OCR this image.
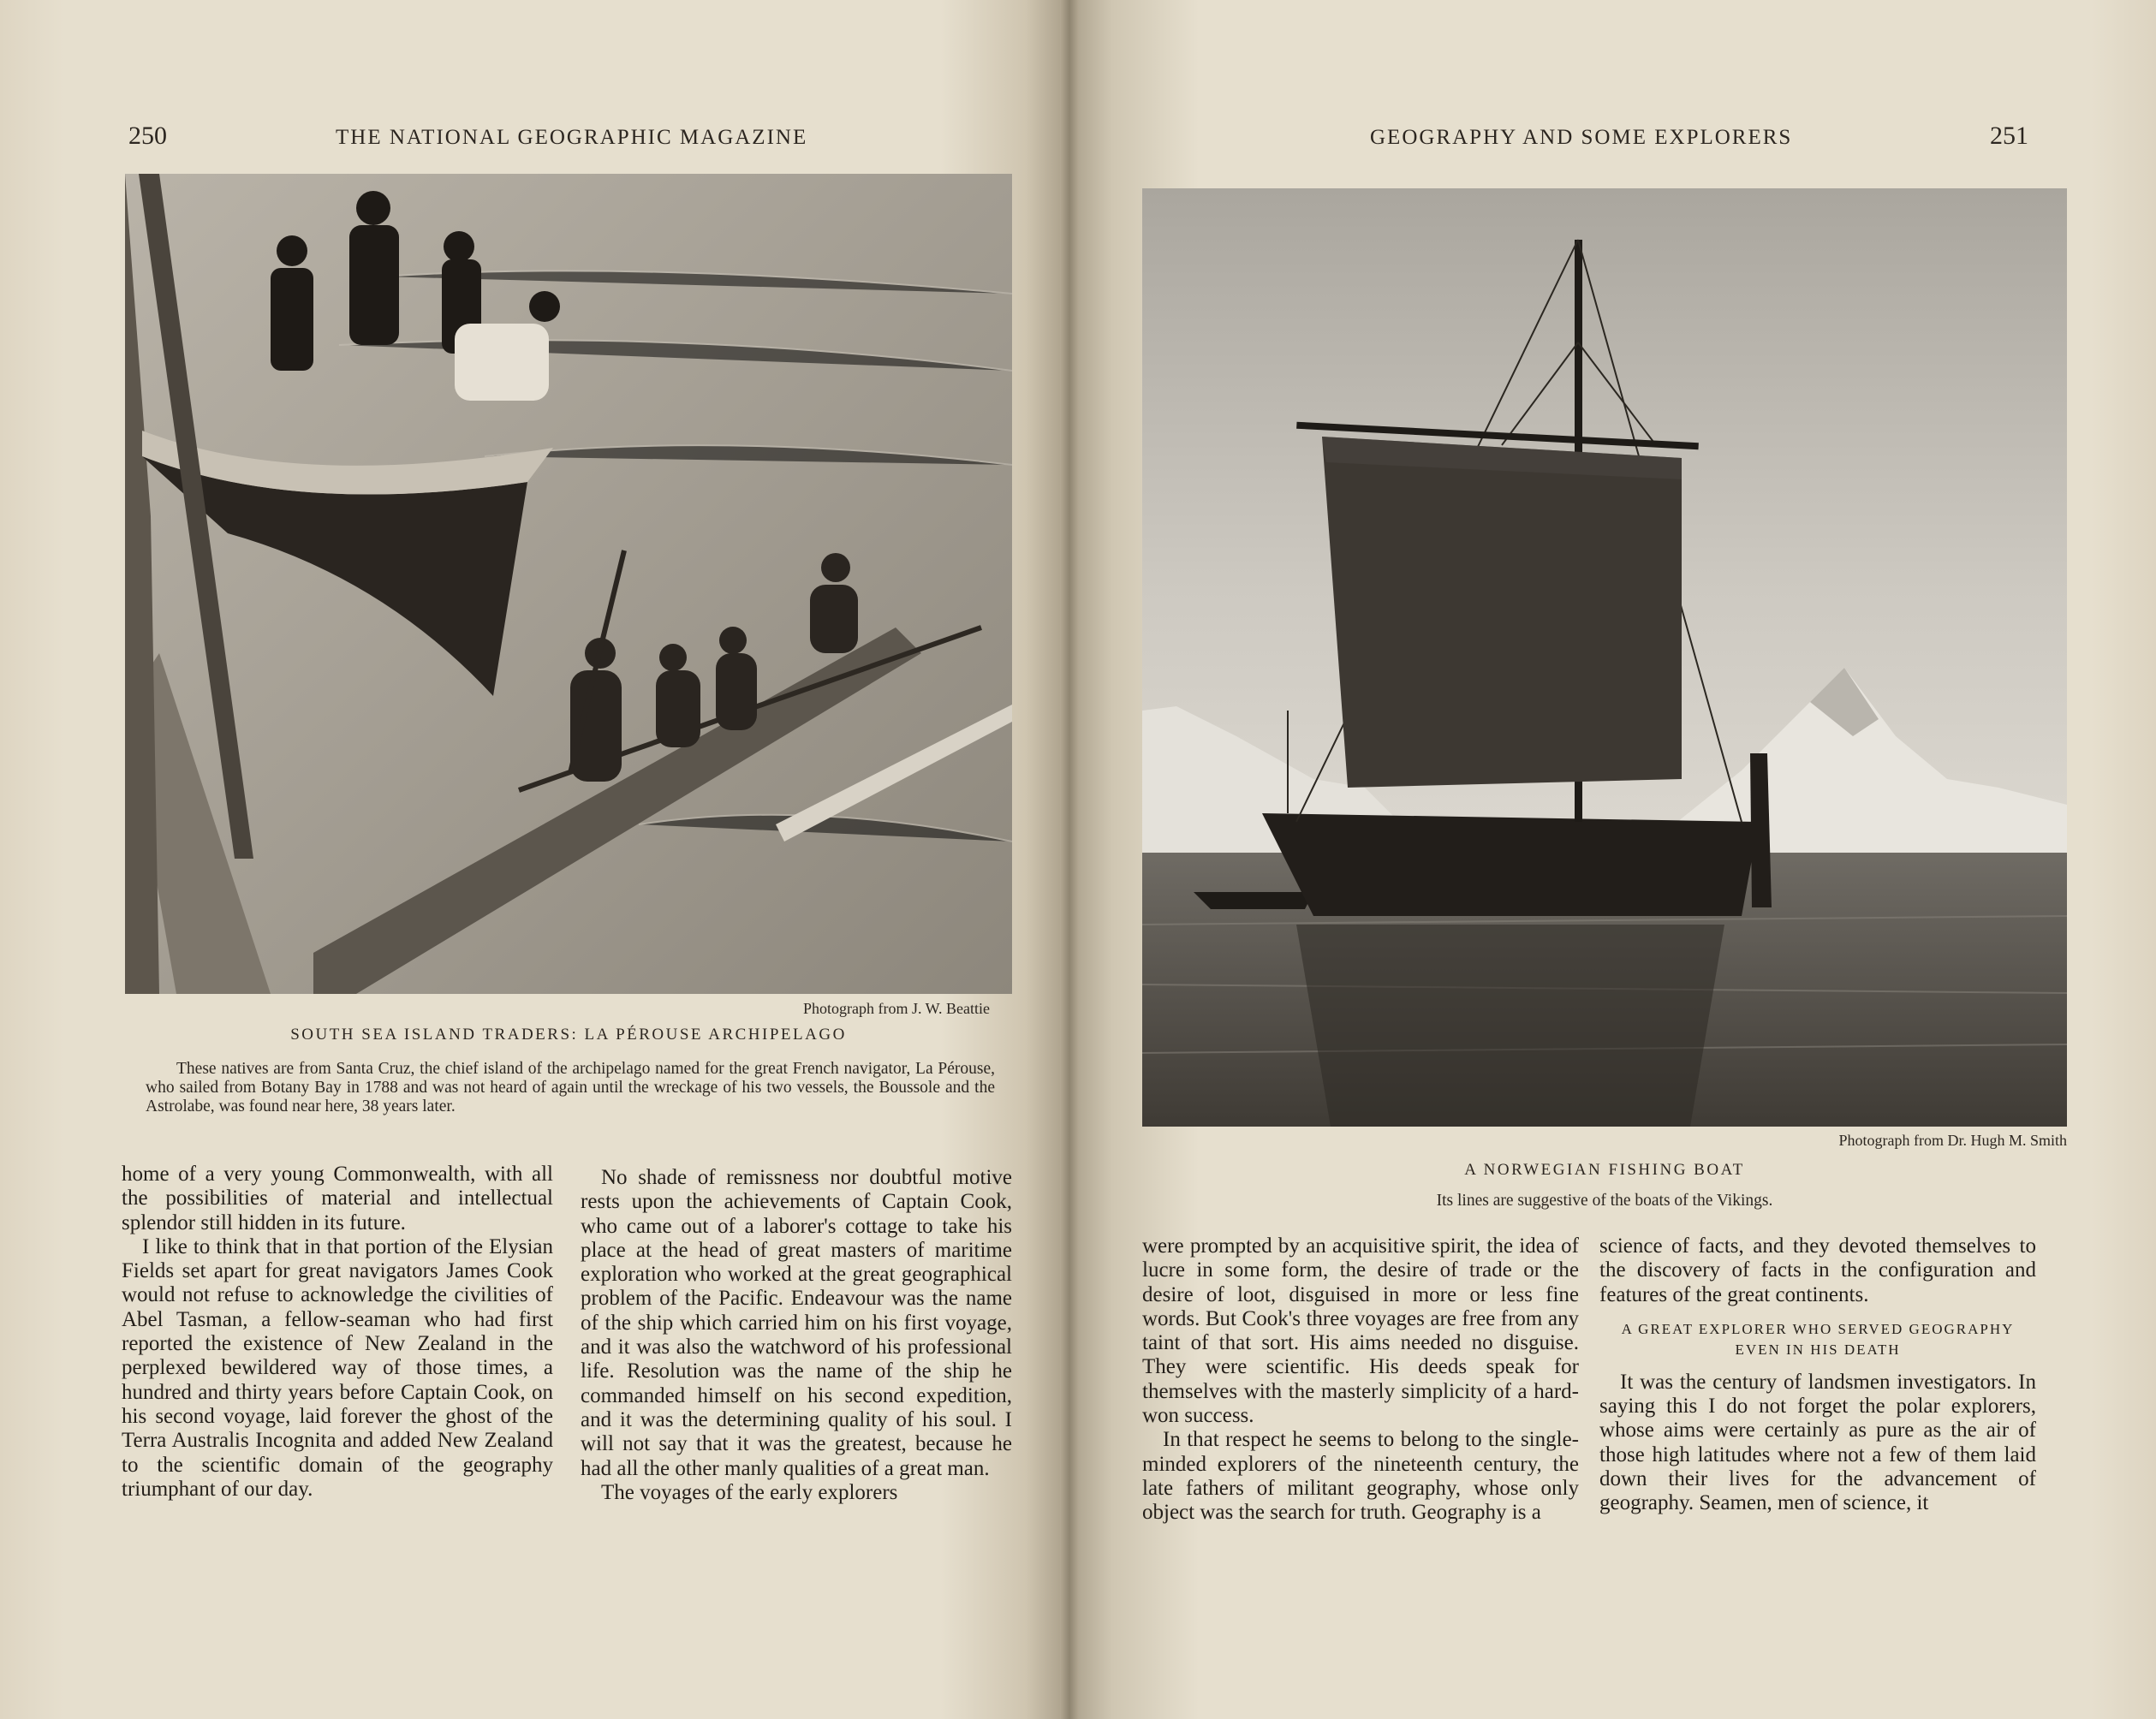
250	THE NATIONAL GEOGRAPHIC MAGAZINE
Photograph from J. W. Beattie
SOUTH SEA ISLAND TRADERS: LA PÉROUSE ARCHIPELAGO
These natives are from Santa Cruz, the chief island of the archipelago named for the great French navigator, La Pérouse, who sailed from Botany Bay in 1788 and was not heard of again until the wreckage of his two vessels, the Boussole and the Astrolabe, was found near here, 38 years later.

home of a very young Commonwealth, with all the possibilities of material and intellectual splendor still hidden in its future.

I like to think that in that portion of the Elysian Fields set apart for great navigators James Cook would not refuse to acknowledge the civilities of Abel Tasman, a fellow-seaman who had first reported the existence of New Zealand in the perplexed bewildered way of those times, a hundred and thirty years before Captain Cook, on his second voyage, laid forever the ghost of the Terra Australis Incognita and added New Zealand to the scientific domain of the geography triumphant of our day.

No shade of remissness nor doubtful motive rests upon the achievements of Captain Cook, who came out of a laborer's cottage to take his place at the head of great masters of maritime exploration who worked at the great geographical problem of the Pacific. Endeavour was the name of the ship which carried him on his first voyage, and it was also the watchword of his professional life. Resolution was the name of the ship he commanded himself on his second expedition, and it was the determining quality of his soul. I will not say that it was the greatest, because he had all the other manly qualities of a great man.

The voyages of the early explorers

GEOGRAPHY AND SOME EXPLORERS	251
Photograph from Dr. Hugh M. Smith
A NORWEGIAN FISHING BOAT
Its lines are suggestive of the boats of the Vikings.

were prompted by an acquisitive spirit, the idea of lucre in some form, the desire of trade or the desire of loot, disguised in more or less fine words. But Cook's three voyages are free from any taint of that sort. His aims needed no disguise. They were scientific. His deeds speak for themselves with the masterly simplicity of a hard-won success.

In that respect he seems to belong to the single-minded explorers of the nineteenth century, the late fathers of militant geography, whose only object was the search for truth. Geography is a

science of facts, and they devoted themselves to the discovery of facts in the configuration and features of the great continents.

A GREAT EXPLORER WHO SERVED GEOGRAPHY EVEN IN HIS DEATH

It was the century of landsmen investigators. In saying this I do not forget the polar explorers, whose aims were certainly as pure as the air of those high latitudes where not a few of them laid down their lives for the advancement of geography. Seamen, men of science, it
